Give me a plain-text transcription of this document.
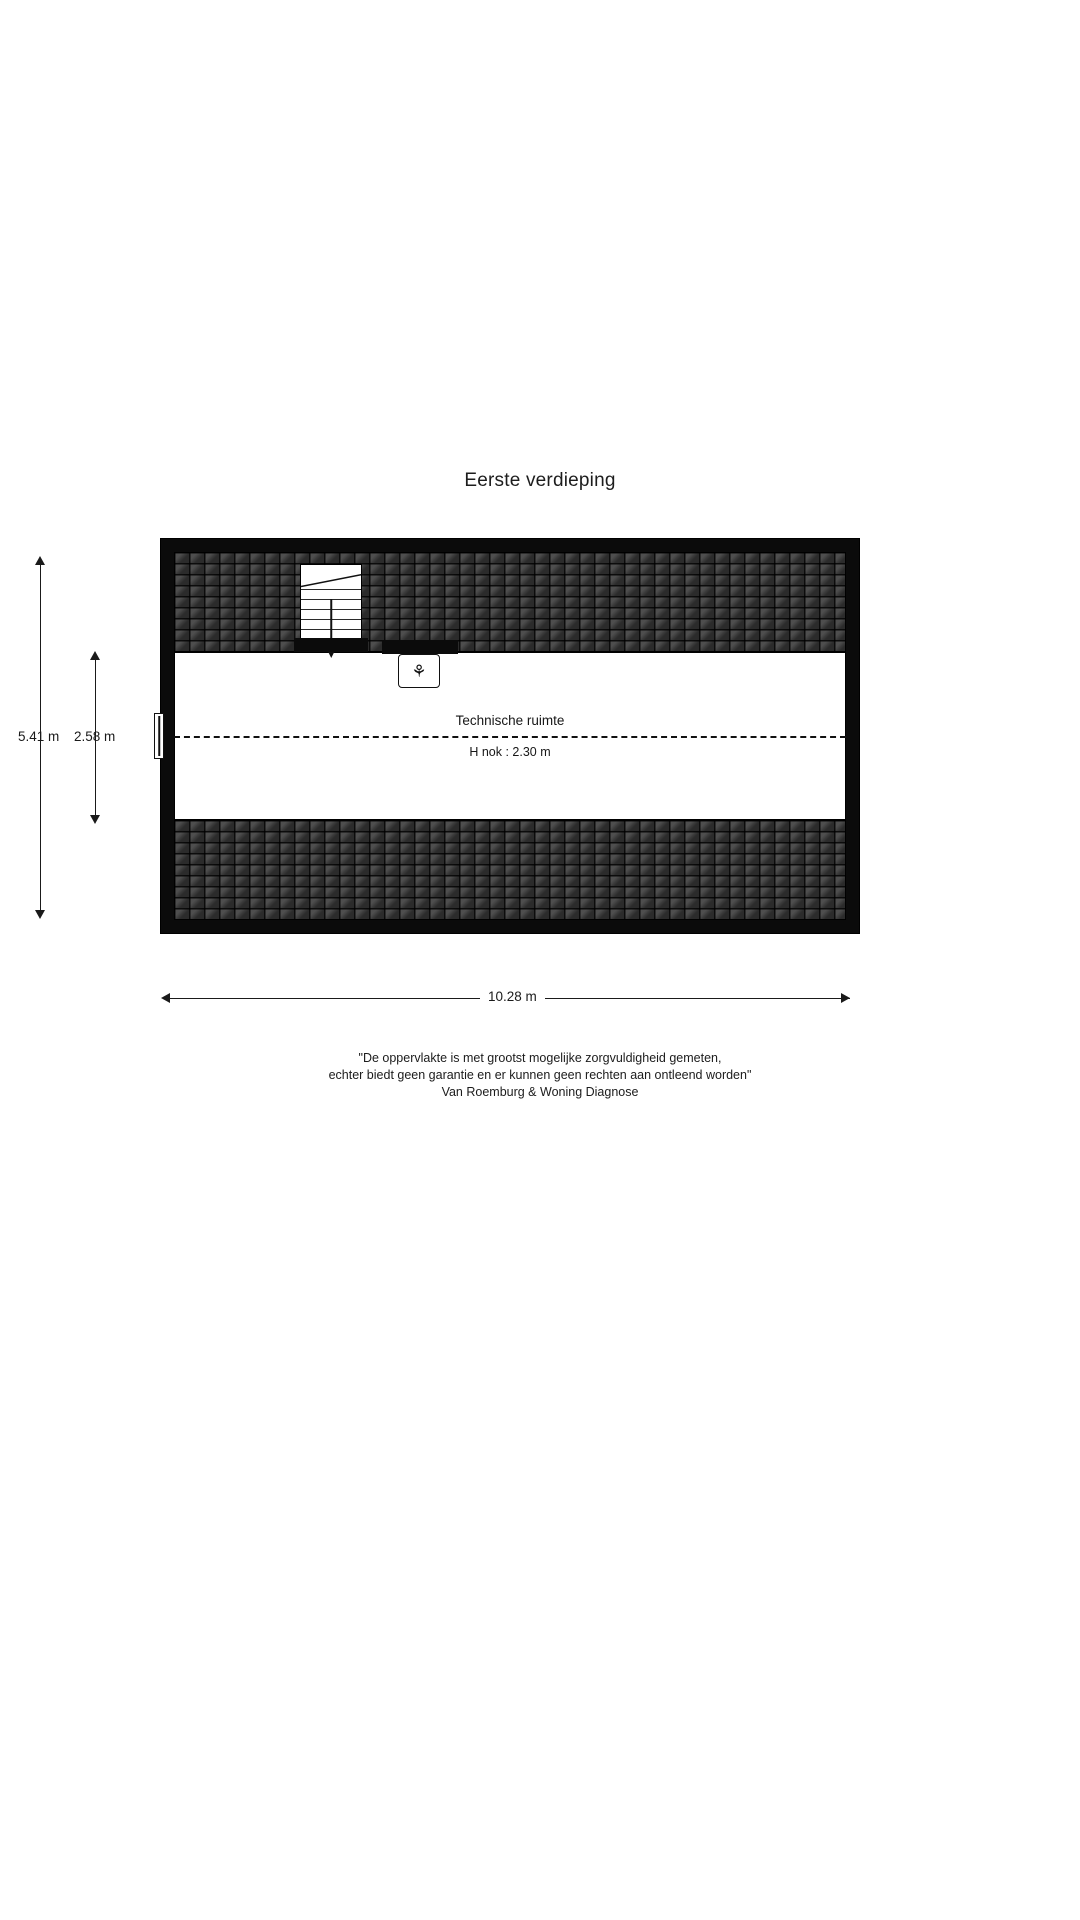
Eerste verdieping
Technische ruimte
H nok : 2.30 m
⚘
5.41 m 2.58 m
10.28 m
"De oppervlakte is met grootst mogelijke zorgvuldigheid gemeten,
echter biedt geen garantie en er kunnen geen rechten aan ontleend worden"
Van Roemburg & Woning Diagnose
